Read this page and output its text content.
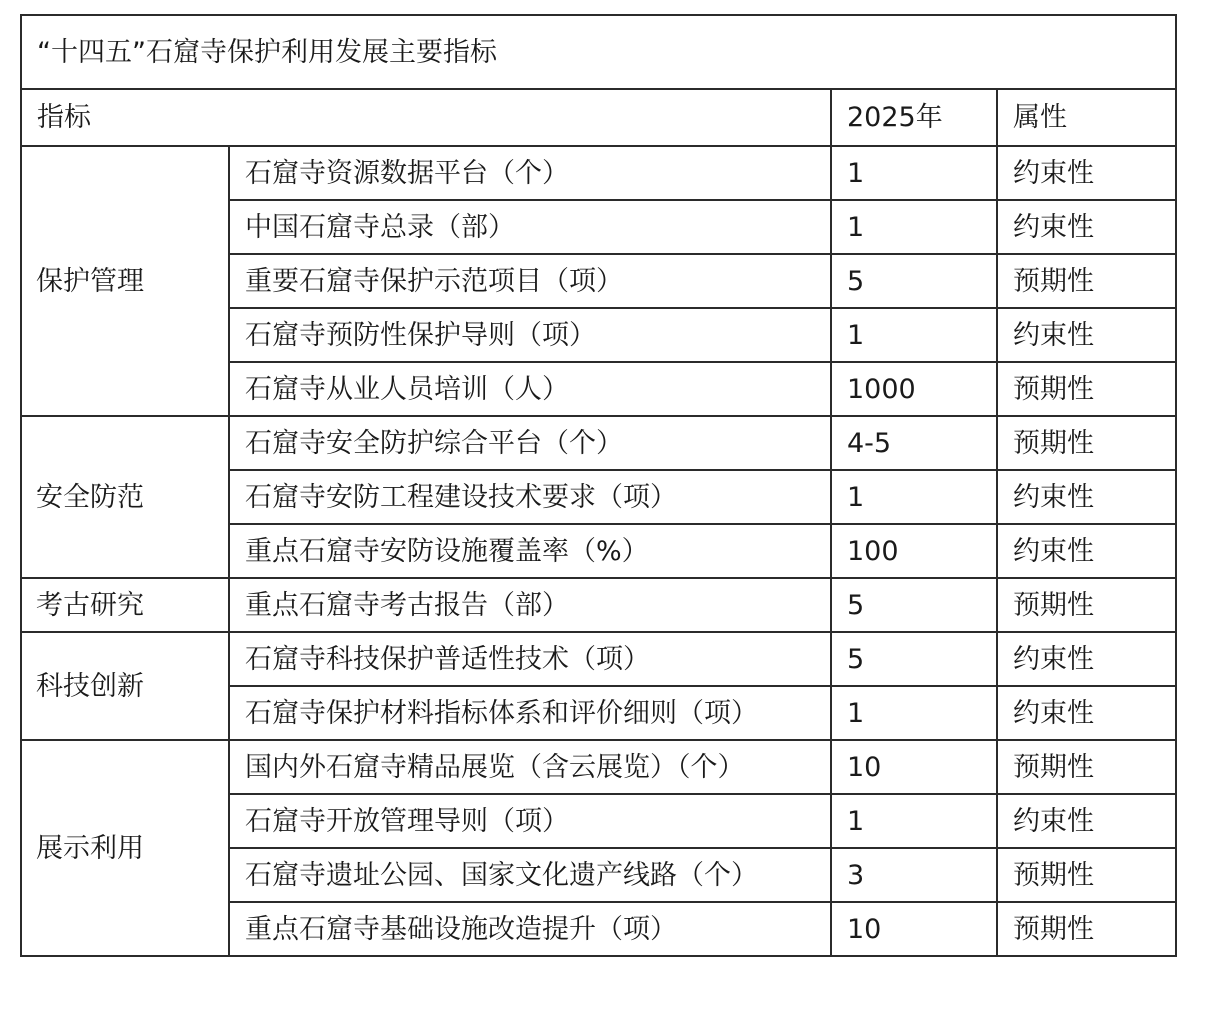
“十四五”石窟寺保护利用发展主要指标			
指标		2025年	属性
保护管理	石窟寺资源数据平台（个）	1	约束性
	中国石窟寺总录（部）	1	约束性
	重要石窟寺保护示范项目（项）	5	预期性
	石窟寺预防性保护导则（项）	1	约束性
	石窟寺从业人员培训（人）	1000	预期性
安全防范	石窟寺安全防护综合平台（个）	4-5	预期性
	石窟寺安防工程建设技术要求（项）	1	约束性
	重点石窟寺安防设施覆盖率（%）	100	约束性
考古研究	重点石窟寺考古报告（部）	5	预期性
科技创新	石窟寺科技保护普适性技术（项）	5	约束性
	石窟寺保护材料指标体系和评价细则（项）	1	约束性
展示利用	国内外石窟寺精品展览（含云展览）（个）	10	预期性
	石窟寺开放管理导则（项）	1	约束性
	石窟寺遗址公园、国家文化遗产线路（个）	3	预期性
	重点石窟寺基础设施改造提升（项）	10	预期性
